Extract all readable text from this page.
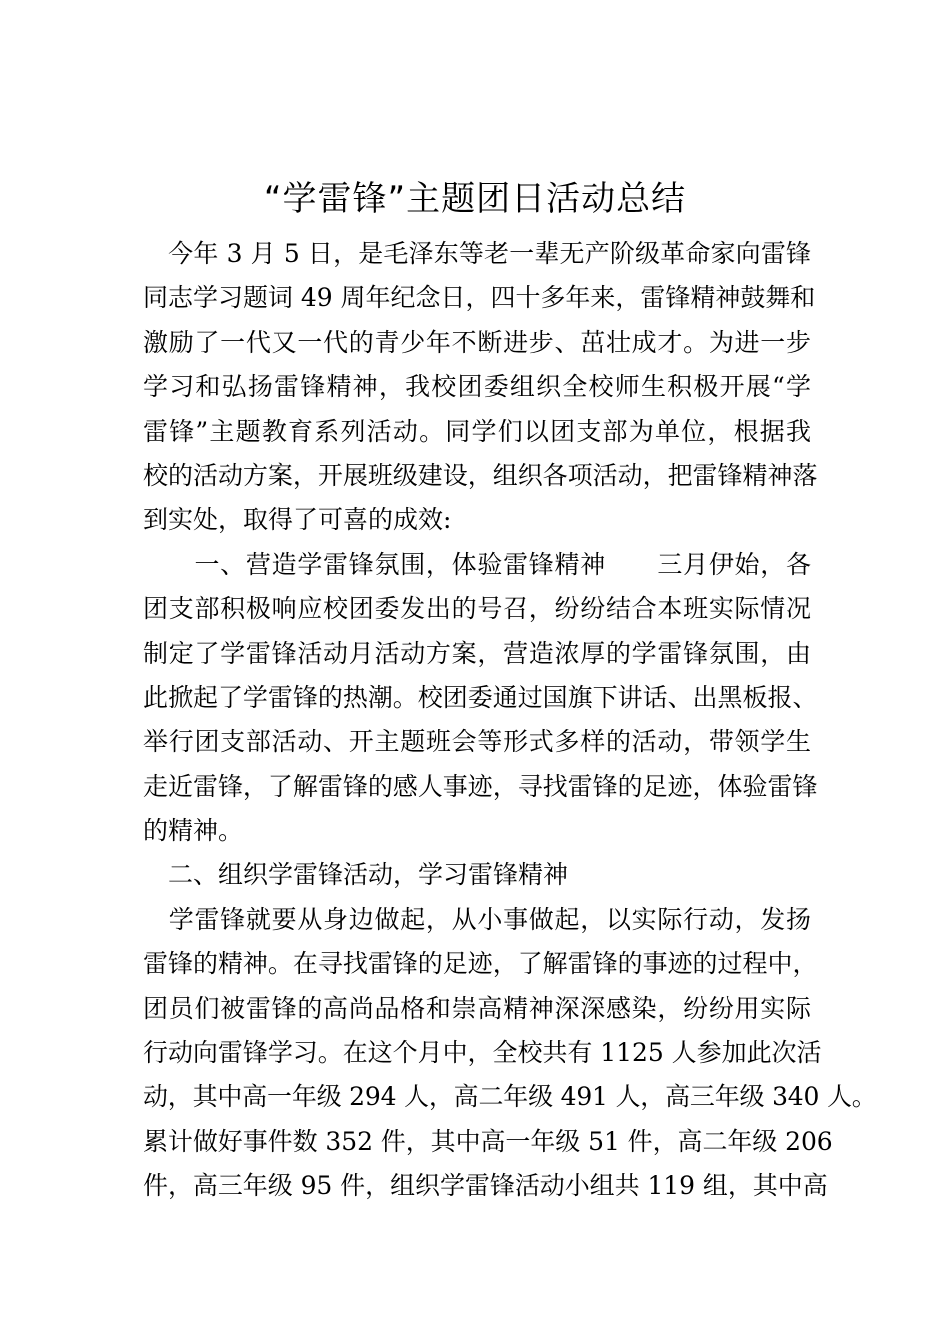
“学雷锋”主题团日活动总结
　今年 3 月 5 日，是毛泽东等老一辈无产阶级革命家向雷锋
同志学习题词 49 周年纪念日，四十多年来，雷锋精神鼓舞和
激励了一代又一代的青少年不断进步、茁壮成才。为进一步
学习和弘扬雷锋精神，我校团委组织全校师生积极开展“学
雷锋”主题教育系列活动。同学们以团支部为单位，根据我
校的活动方案，开展班级建设，组织各项活动，把雷锋精神落
到实处，取得了可喜的成效:
　　一、营造学雷锋氛围，体验雷锋精神　　三月伊始，各
团支部积极响应校团委发出的号召，纷纷结合本班实际情况
制定了学雷锋活动月活动方案，营造浓厚的学雷锋氛围，由
此掀起了学雷锋的热潮。校团委通过国旗下讲话、出黑板报、
举行团支部活动、开主题班会等形式多样的活动，带领学生
走近雷锋，了解雷锋的感人事迹，寻找雷锋的足迹，体验雷锋
的精神。
　二、组织学雷锋活动，学习雷锋精神
　学雷锋就要从身边做起，从小事做起，以实际行动，发扬
雷锋的精神。在寻找雷锋的足迹，了解雷锋的事迹的过程中，
团员们被雷锋的高尚品格和崇高精神深深感染，纷纷用实际
行动向雷锋学习。在这个月中，全校共有 1125 人参加此次活
动，其中高一年级 294 人，高二年级 491 人，高三年级 340 人。
累计做好事件数 352 件，其中高一年级 51 件，高二年级 206
件，高三年级 95 件，组织学雷锋活动小组共 119 组，其中高
